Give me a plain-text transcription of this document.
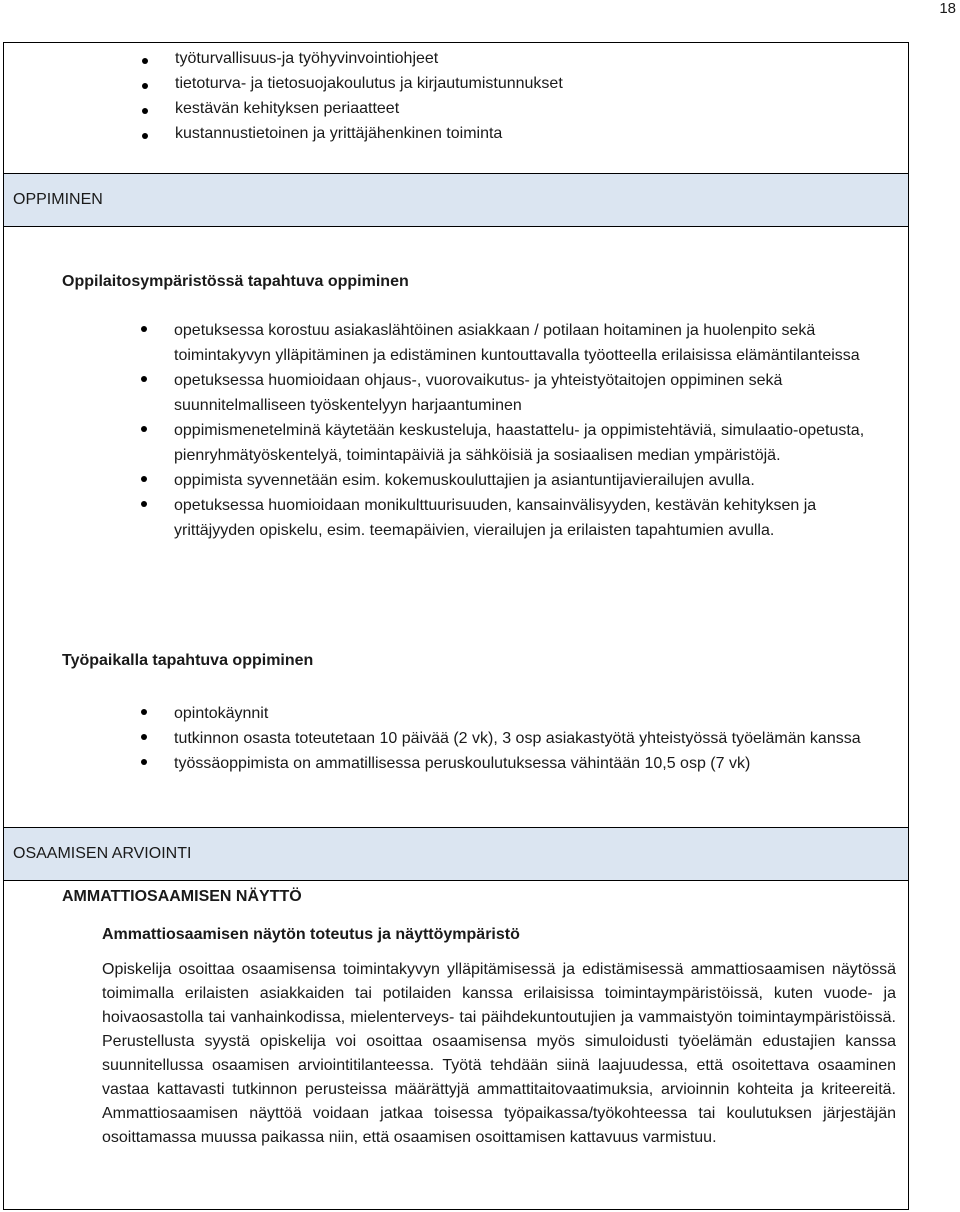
18
työturvallisuus-ja työhyvinvointiohjeet
tietoturva- ja tietosuojakoulutus ja kirjautumistunnukset
kestävän kehityksen periaatteet
kustannustietoinen ja yrittäjähenkinen toiminta
OPPIMINEN
Oppilaitosympäristössä tapahtuva oppiminen
opetuksessa korostuu asiakaslähtöinen asiakkaan / potilaan hoitaminen ja huolenpito sekä toimintakyvyn ylläpitäminen ja edistäminen kuntouttavalla työotteella erilaisissa elämäntilanteissa
opetuksessa huomioidaan ohjaus-, vuorovaikutus- ja yhteistyötaitojen oppiminen sekä suunnitelmalliseen työskentelyyn harjaantuminen
oppimismenetelminä käytetään keskusteluja, haastattelu- ja oppimistehtäviä, simulaatio-opetusta, pienryhmätyöskentelyä, toimintapäiviä ja sähköisiä ja sosiaalisen median ympäristöjä.
oppimista syvennetään esim. kokemuskouluttajien ja asiantuntijavierailujen avulla.
opetuksessa huomioidaan monikulttuurisuuden, kansainvälisyyden, kestävän kehityksen ja yrittäjyyden opiskelu, esim. teemapäivien, vierailujen ja erilaisten tapahtumien avulla.
Työpaikalla tapahtuva oppiminen
opintokäynnit
tutkinnon osasta toteutetaan 10 päivää (2 vk), 3 osp asiakastyötä yhteistyössä työelämän kanssa
työssäoppimista on ammatillisessa peruskoulutuksessa vähintään 10,5 osp (7 vk)
OSAAMISEN ARVIOINTI
AMMATTIOSAAMISEN NÄYTTÖ
Ammattiosaamisen näytön toteutus ja näyttöympäristö
Opiskelija osoittaa osaamisensa toimintakyvyn ylläpitämisessä ja edistämisessä ammattiosaamisen näytössä toimimalla erilaisten asiakkaiden tai potilaiden kanssa erilaisissa toimintaympäristöissä, kuten vuode- ja hoivaosastolla tai vanhainkodissa, mielenterveys- tai päihdekuntoutujien ja vammaistyön toimintaympäristöissä. Perustellusta syystä opiskelija voi osoittaa osaamisensa myös simuloidusti työelämän edustajien kanssa suunnitellussa osaamisen arviointitilanteessa. Työtä tehdään siinä laajuudessa, että osoitettava osaaminen vastaa kattavasti tutkinnon perusteissa määrättyjä ammattitaitovaatimuksia, arvioinnin kohteita ja kriteereitä. Ammattiosaamisen näyttöä voidaan jatkaa toisessa työpaikassa/työkohteessa tai koulutuksen järjestäjän osoittamassa muussa paikassa niin, että osaamisen osoittamisen kattavuus varmistuu.
